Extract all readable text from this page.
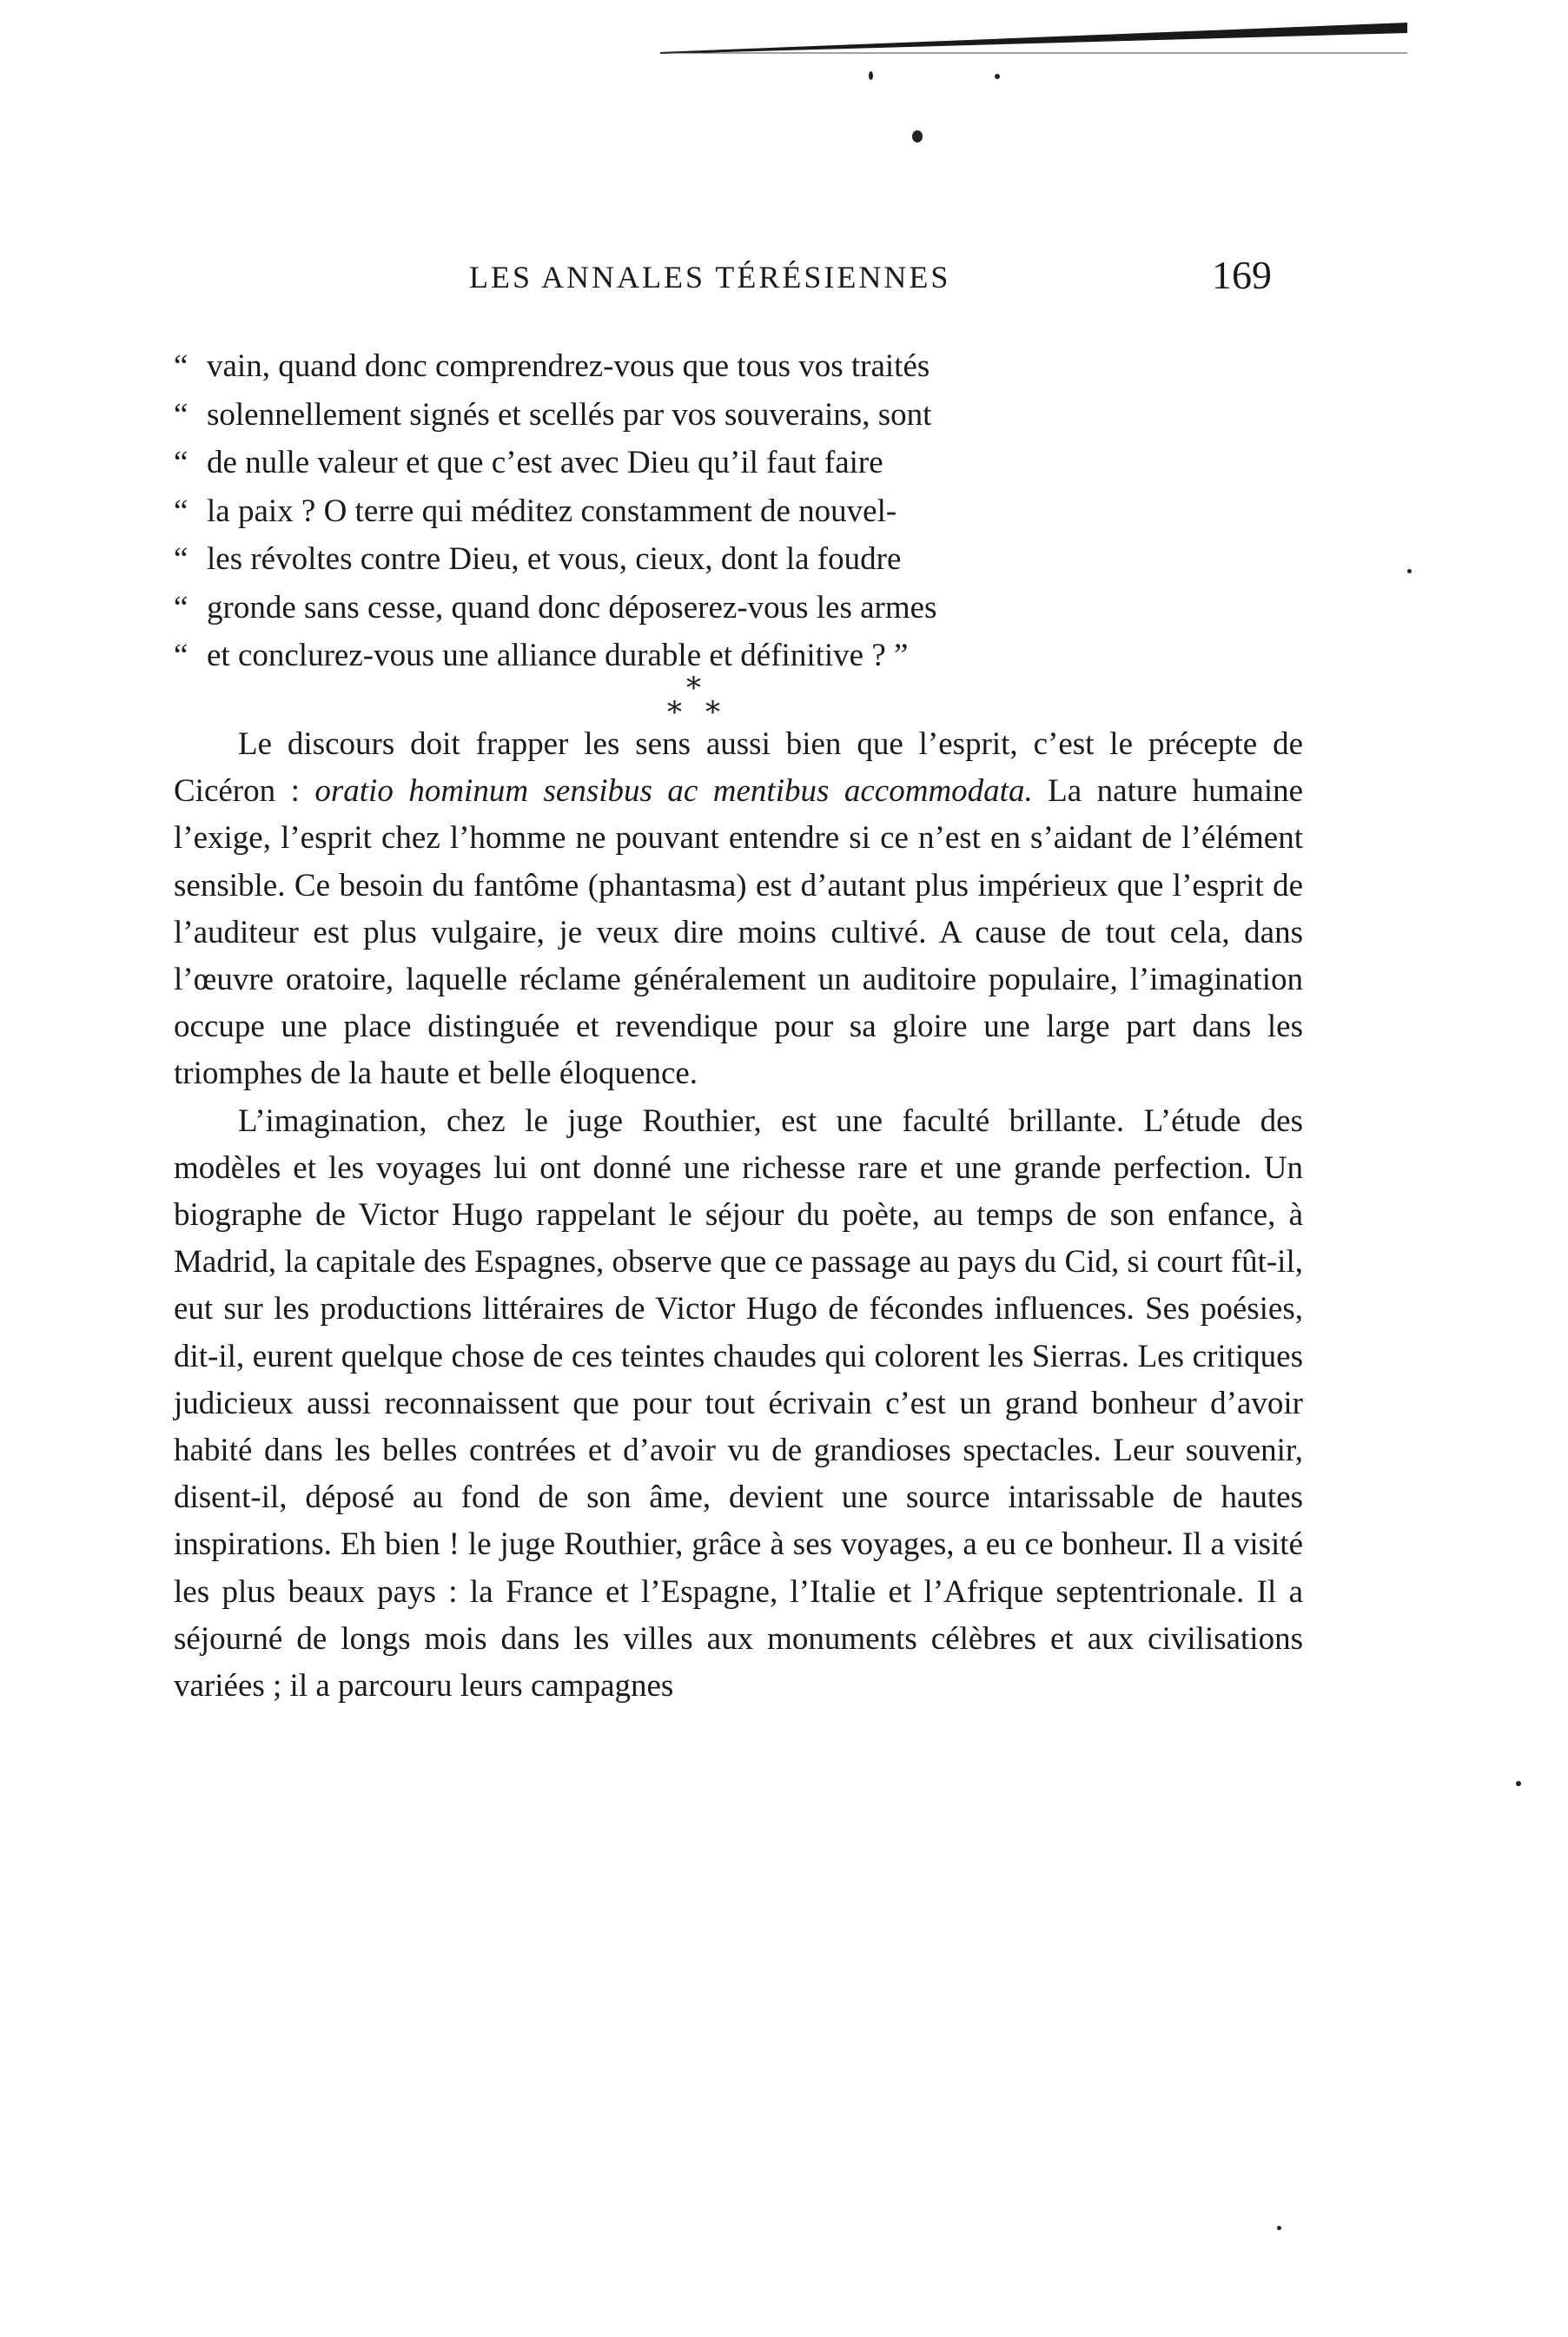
LES ANNALES TÉRÉSIENNES	169
“ vain, quand donc comprendrez-vous que tous vos traités
“ solennellement signés et scellés par vos souverains, sont
“ de nulle valeur et que c’est avec Dieu qu’il faut faire
“ la paix ? O terre qui méditez constamment de nouvel-
“ les révoltes contre Dieu, et vous, cieux, dont la foudre
“ gronde sans cesse, quand donc déposerez-vous les armes
“ et conclurez-vous une alliance durable et définitive ? ”
*
* *

Le discours doit frapper les sens aussi bien que l’esprit, c’est le précepte de Cicéron : oratio hominum sensibus ac mentibus accommodata. La nature humaine l’exige, l’esprit chez l’homme ne pouvant entendre si ce n’est en s’aidant de l’élément sensible. Ce besoin du fantôme (phantasma) est d’autant plus impérieux que l’esprit de l’auditeur est plus vulgaire, je veux dire moins cultivé. A cause de tout cela, dans l’œuvre oratoire, laquelle réclame généralement un auditoire populaire, l’imagination occupe une place distinguée et revendique pour sa gloire une large part dans les triomphes de la haute et belle éloquence.

L’imagination, chez le juge Routhier, est une faculté brillante. L’étude des modèles et les voyages lui ont donné une richesse rare et une grande perfection. Un biographe de Victor Hugo rappelant le séjour du poète, au temps de son enfance, à Madrid, la capitale des Espagnes, observe que ce passage au pays du Cid, si court fût-il, eut sur les productions littéraires de Victor Hugo de fécondes influences. Ses poésies, dit-il, eurent quelque chose de ces teintes chaudes qui colorent les Sierras. Les critiques judicieux aussi reconnaissent que pour tout écrivain c’est un grand bonheur d’avoir habité dans les belles contrées et d’avoir vu de grandioses spectacles. Leur souvenir, disent-il, déposé au fond de son âme, devient une source intarissable de hautes inspirations. Eh bien ! le juge Routhier, grâce à ses voyages, a eu ce bonheur. Il a visité les plus beaux pays : la France et l’Espagne, l’Italie et l’Afrique septentrionale. Il a séjourné de longs mois dans les villes aux monuments célèbres et aux civilisations variées ; il a parcouru leurs campagnes
